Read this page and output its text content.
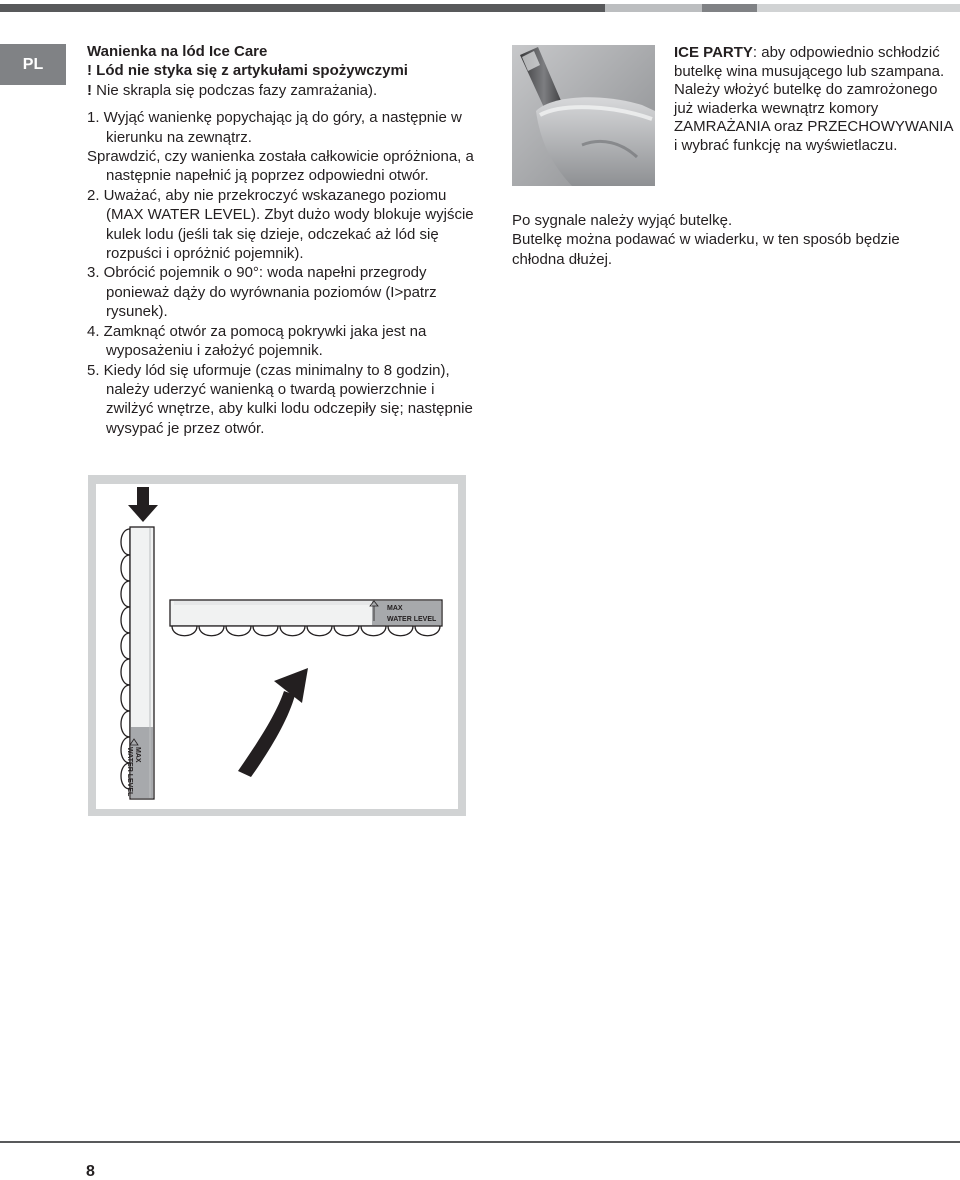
PL
Wanienka na lód Ice Care
! Lód nie styka się z artykułami spożywczymi
! Nie skrapla się podczas fazy zamrażania).
1. Wyjąć wanienkę popychając ją do góry, a następnie w kierunku na zewnątrz.
Sprawdzić, czy wanienka została całkowicie opróżniona, a następnie napełnić ją poprzez odpowiedni otwór.
2. Uważać, aby nie przekroczyć wskazanego poziomu (MAX WATER LEVEL). Zbyt dużo wody blokuje wyjście kulek lodu (jeśli tak się dzieje, odczekać aż lód się rozpuści i opróżnić pojemnik).
3. Obrócić pojemnik o 90°: woda napełni przegrody ponieważ dąży do wyrównania poziomów (I>patrz rysunek).
4. Zamknąć otwór za pomocą pokrywki jaka jest na wyposażeniu i założyć pojemnik.
5. Kiedy lód się uformuje (czas minimalny to 8 godzin), należy uderzyć wanienką o twardą powierzchnie i zwilżyć wnętrze, aby kulki lodu odczepiły się; następnie wysypać je przez otwór.
ICE PARTY: aby odpowiednio schłodzić butelkę wina musującego lub szampana. Należy włożyć butelkę do zamrożonego już wiaderka wewnątrz komory ZAMRAŻANIA oraz PRZECHOWYWANIA i wybrać funkcję na wyświetlaczu.
Po sygnale należy wyjąć butelkę.
Butelkę można podawać w wiaderku, w ten sposób będzie chłodna dłużej.
MAX
WATER LEVEL
MAX
WATER LEVEL
8
